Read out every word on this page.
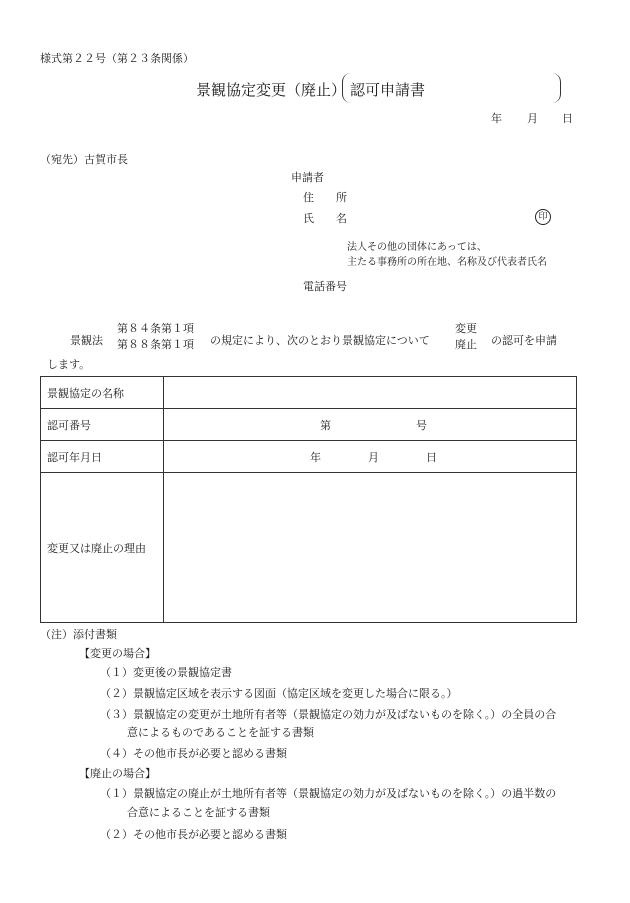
様式第２２号（第２３条関係）
景観協定変更（廃止） 認可申請書
年 月 日
（宛先）古賀市長
申請者
住　　所
氏　　名	印
法人その他の団体にあっては、
主たる事務所の所在地、名称及び代表者氏名
電話番号
景観法
第８４条第１項
第８８条第１項 の規定により、次のとおり景観協定について
変更
廃止 の認可を申請
します。
景観協定の名称	
認可番号	第 号

認可年月日	年 月 日

変更又は廃止の理由	
（注）添付書類
【変更の場合】
（１）変更後の景観協定書
（２）景観協定区域を表示する図面（協定区域を変更した場合に限る。）
（３）景観協定の変更が土地所有者等（景観協定の効力が及ばないものを除く。）の全員の合
意によるものであることを証する書類
（４）その他市長が必要と認める書類
【廃止の場合】
（１）景観協定の廃止が土地所有者等（景観協定の効力が及ばないものを除く。）の過半数の
合意によることを証する書類
（２）その他市長が必要と認める書類
